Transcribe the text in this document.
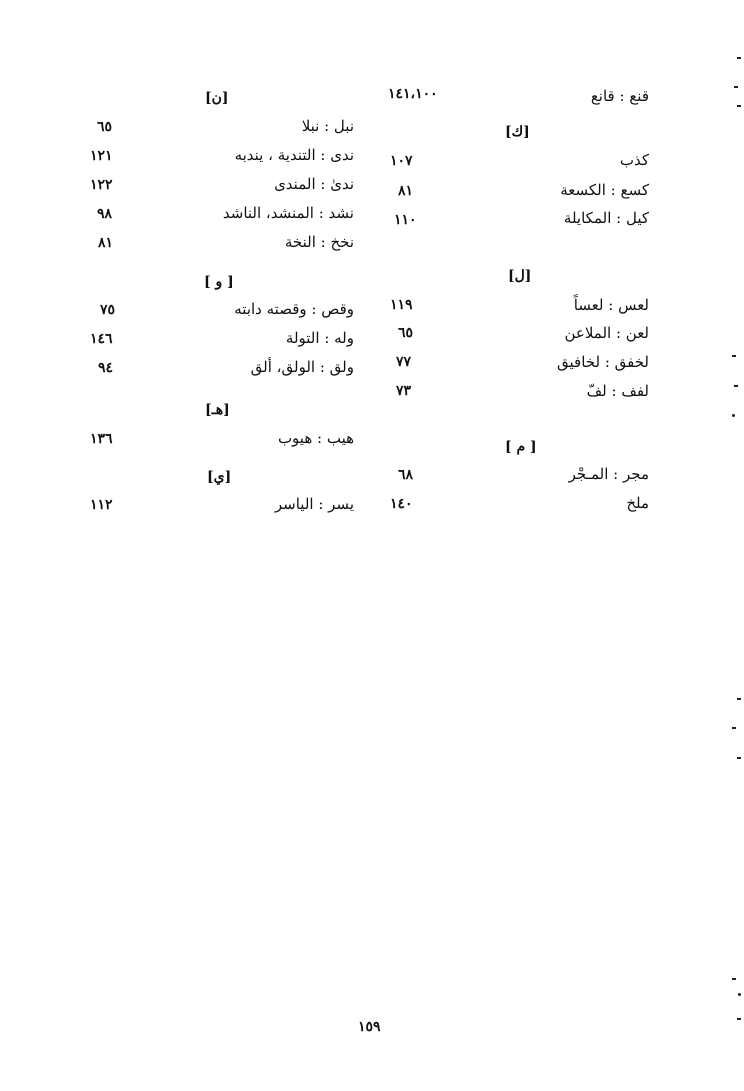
قنع : قانع
١٤١،١٠٠
[ك]
كذب
١٠٧
كسع : الكسعة
٨١
كيل : المكايلة
١١٠
[ل]
لعس : لعساً
١١٩
لعن : الملاعن
٦٥
لخفق : لخافيق
٧٧
لفف : لفّ
٧٣
[ م ]
مجر : المـجْر
٦٨
ملخ
١٤٠
[ن]
نبل : نبلا
٦٥
ندى : التندية ، يندبه
١٢١
ندىٰ : المندى
١٢٢
نشد : المنشد، الناشد
٩٨
نخخ : النخة
٨١
[ و ]
وقص : وقصته دابته
٧٥
وله : التولة
١٤٦
ولق : الولق، ألق
٩٤
[هـ]
هيب : هيوب
١٣٦
[ي]
يسر : الياسر
١١٢
١٥٩
